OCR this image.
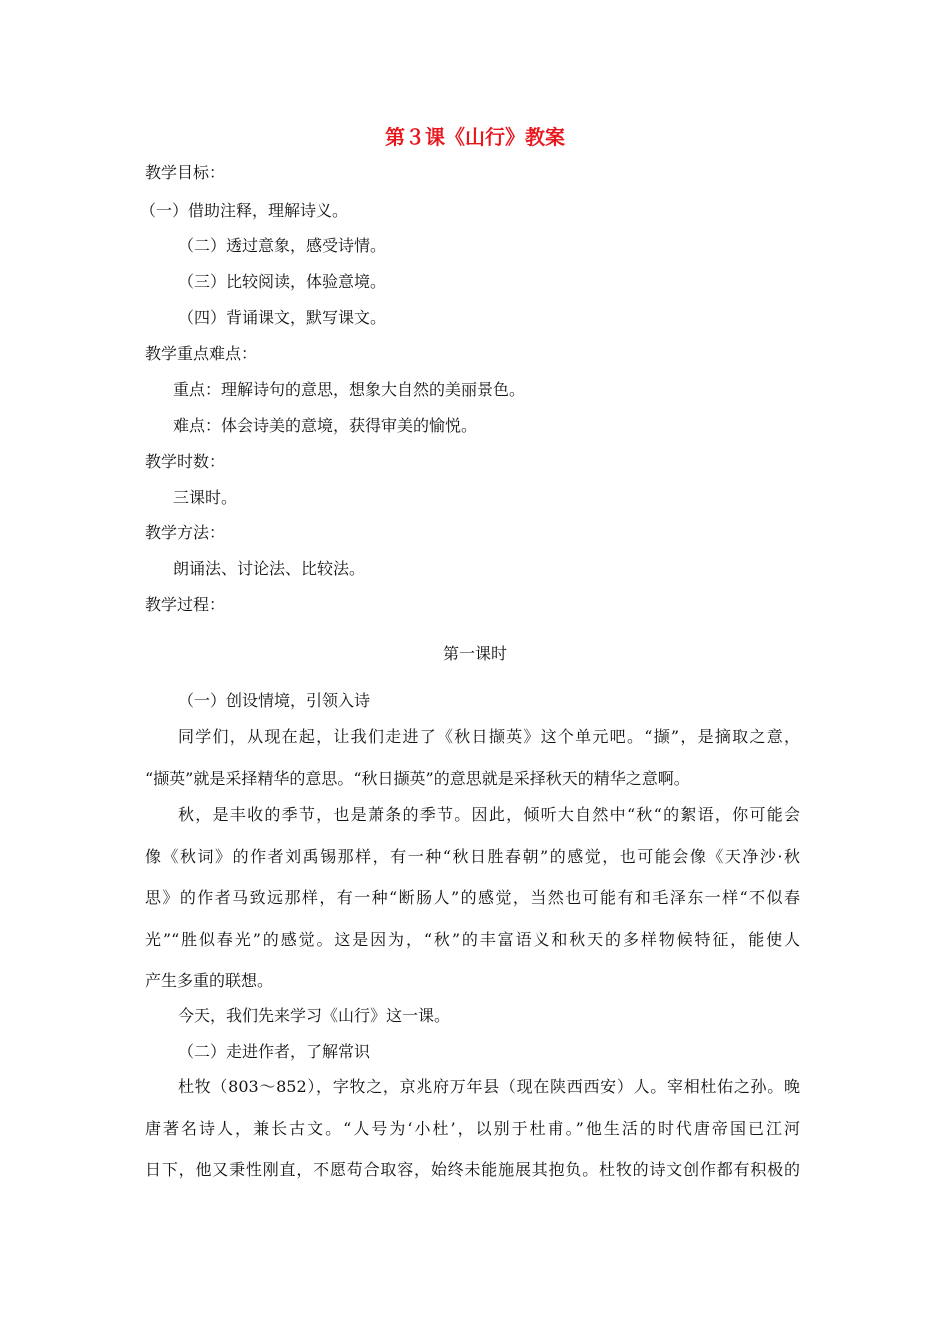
第３课《山行》教案

教学目标：

（一）借助注释，理解诗义。

（二）透过意象，感受诗情。

（三）比较阅读，体验意境。

（四）背诵课文，默写课文。

教学重点难点：

重点：理解诗句的意思，想象大自然的美丽景色。

难点：体会诗美的意境，获得审美的愉悦。

教学时数：

三课时。

教学方法：

朗诵法、讨论法、比较法。

教学过程：

第一课时

（一）创设情境，引领入诗

同学们，从现在起，让我们走进了《秋日撷英》这个单元吧。“撷”，是摘取之意，

“撷英”就是采择精华的意思。“秋日撷英”的意思就是采择秋天的精华之意啊。

秋，是丰收的季节，也是萧条的季节。因此，倾听大自然中“秋“的絮语，你可能会

像《秋词》的作者刘禹锡那样，有一种“秋日胜春朝”的感觉，也可能会像《天净沙·秋

思》的作者马致远那样，有一种“断肠人”的感觉，当然也可能有和毛泽东一样“不似春

光”“胜似春光”的感觉。这是因为，“秋”的丰富语义和秋天的多样物候特征，能使人

产生多重的联想。

今天，我们先来学习《山行》这一课。

（二）走进作者，了解常识

杜牧（803～852），字牧之，京兆府万年县（现在陕西西安）人。宰相杜佑之孙。晚

唐著名诗人，兼长古文。“人号为‘小杜’，以别于杜甫。”他生活的时代唐帝国已江河

日下，他又秉性刚直，不愿苟合取容，始终未能施展其抱负。杜牧的诗文创作都有积极的
